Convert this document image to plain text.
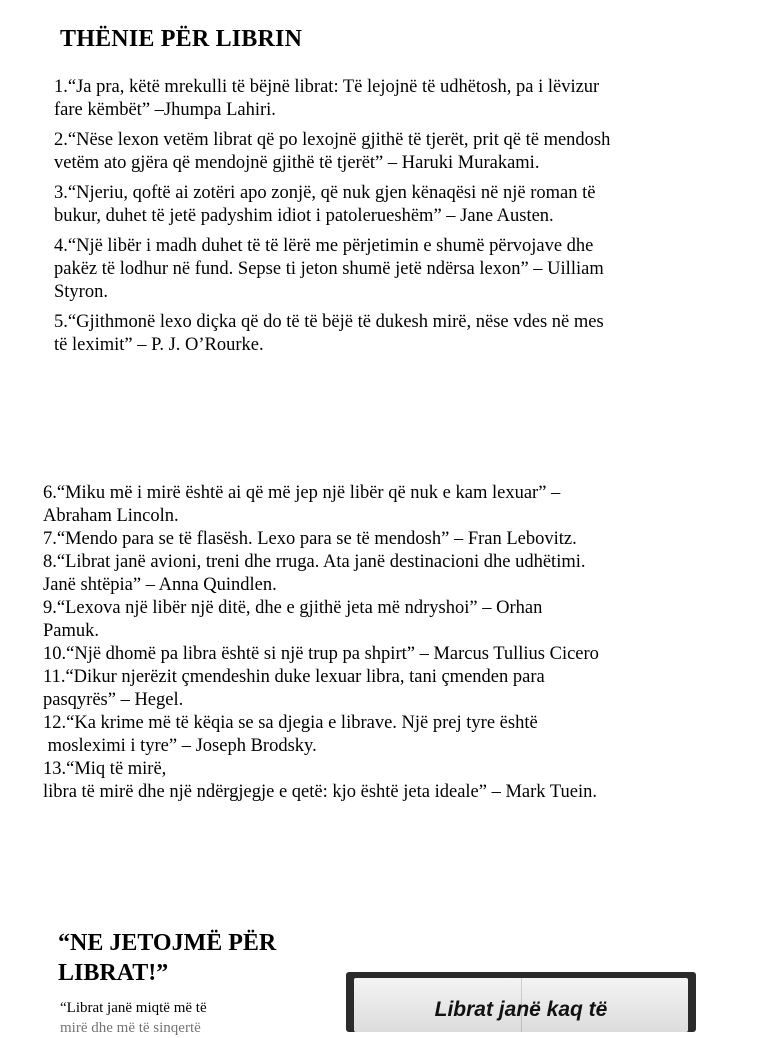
THËNIE PËR LIBRIN

1.“Ja pra, këtë mrekulli të bëjnë librat: Të lejojnë të udhëtosh, pa i lëvizur
fare këmbët” –Jhumpa Lahiri.

2.“Nëse lexon vetëm librat që po lexojnë gjithë të tjerët, prit që të mendosh
vetëm ato gjëra që mendojnë gjithë të tjerët” – Haruki Murakami.

3.“Njeriu, qoftë ai zotëri apo zonjë, që nuk gjen kënaqësi në një roman të
bukur, duhet të jetë padyshim idiot i patolerueshëm” – Jane Austen.

4.“Një libër i madh duhet të të lërë me përjetimin e shumë përvojave dhe
pakëz të lodhur në fund. Sepse ti jeton shumë jetë ndërsa lexon” – Uilliam
Styron.

5.“Gjithmonë lexo diçka që do të të bëjë të dukesh mirë, nëse vdes në mes
të leximit” – P. J. O’Rourke.

6.“Miku më i mirë është ai që më jep një libër që nuk e kam lexuar” –
Abraham Lincoln.

7.“Mendo para se të flasësh. Lexo para se të mendosh” – Fran Lebovitz.

8.“Librat janë avioni, treni dhe rruga. Ata janë destinacioni dhe udhëtimi.
Janë shtëpia” – Anna Quindlen.

9.“Lexova një libër një ditë, dhe e gjithë jeta më ndryshoi” – Orhan
Pamuk.

10.“Një dhomë pa libra është si një trup pa shpirt” – Marcus Tullius Cicero

11.“Dikur njerëzit çmendeshin duke lexuar libra, tani çmenden para
pasqyrës” – Hegel.

12.“Ka krime më të këqia se sa djegia e librave. Një prej tyre është
mosleximi i tyre” – Joseph Brodsky.

13.“Miq të mirë,
libra të mirë dhe një ndërgjegje e qetë: kjo është jeta ideale” – Mark Tuein.

“NE JETOJMË PËR
LIBRAT!”
“Librat janë miqtë më të
mirë dhe më të sinqertë
Librat janë kaq të
